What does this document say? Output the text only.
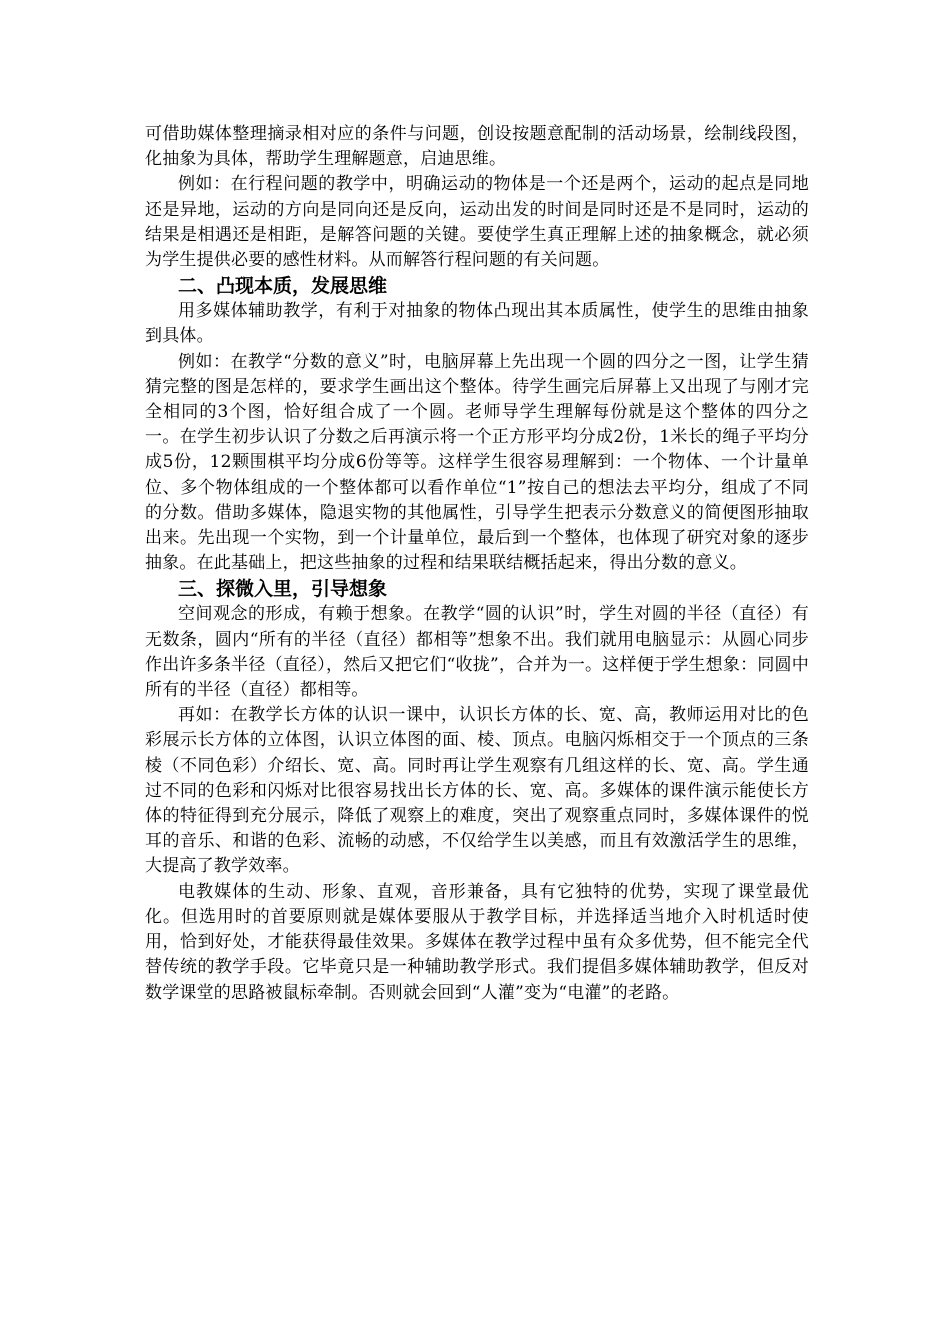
可借助媒体整理摘录相对应的条件与问题，创设按题意配制的活动场景，绘制线段图，化抽象为具体，帮助学生理解题意，启迪思维。

例如：在行程问题的教学中，明确运动的物体是一个还是两个，运动的起点是同地还是异地，运动的方向是同向还是反向，运动出发的时间是同时还是不是同时，运动的结果是相遇还是相距，是解答问题的关键。要使学生真正理解上述的抽象概念，就必须为学生提供必要的感性材料。从而解答行程问题的有关问题。

二、凸现本质，发展思维

用多媒体辅助教学，有利于对抽象的物体凸现出其本质属性，使学生的思维由抽象到具体。

例如：在教学“分数的意义”时，电脑屏幕上先出现一个圆的四分之一图，让学生猜猜完整的图是怎样的，要求学生画出这个整体。待学生画完后屏幕上又出现了与刚才完全相同的3个图，恰好组合成了一个圆。老师导学生理解每份就是这个整体的四分之一。在学生初步认识了分数之后再演示将一个正方形平均分成2份，1米长的绳子平均分成5份，12颗围棋平均分成6份等等。这样学生很容易理解到：一个物体、一个计量单位、多个物体组成的一个整体都可以看作单位“1”按自己的想法去平均分，组成了不同的分数。借助多媒体，隐退实物的其他属性，引导学生把表示分数意义的简便图形抽取出来。先出现一个实物，到一个计量单位，最后到一个整体，也体现了研究对象的逐步抽象。在此基础上，把这些抽象的过程和结果联结概括起来，得出分数的意义。

三、探微入里，引导想象

空间观念的形成，有赖于想象。在教学“圆的认识”时，学生对圆的半径（直径）有无数条，圆内“所有的半径（直径）都相等”想象不出。我们就用电脑显示：从圆心同步作出许多条半径（直径），然后又把它们“收拢”，合并为一。这样便于学生想象：同圆中所有的半径（直径）都相等。

再如：在教学长方体的认识一课中，认识长方体的长、宽、高，教师运用对比的色彩展示长方体的立体图，认识立体图的面、棱、顶点。电脑闪烁相交于一个顶点的三条棱（不同色彩）介绍长、宽、高。同时再让学生观察有几组这样的长、宽、高。学生通过不同的色彩和闪烁对比很容易找出长方体的长、宽、高。多媒体的课件演示能使长方体的特征得到充分展示，降低了观察上的难度，突出了观察重点同时，多媒体课件的悦耳的音乐、和谐的色彩、流畅的动感，不仅给学生以美感，而且有效激活学生的思维，大提高了教学效率。

电教媒体的生动、形象、直观，音形兼备，具有它独特的优势，实现了课堂最优化。但选用时的首要原则就是媒体要服从于教学目标，并选择适当地介入时机适时使用，恰到好处，才能获得最佳效果。多媒体在教学过程中虽有众多优势，但不能完全代替传统的教学手段。它毕竟只是一种辅助教学形式。我们提倡多媒体辅助教学，但反对数学课堂的思路被鼠标牵制。否则就会回到“人灌”变为“电灌”的老路。
